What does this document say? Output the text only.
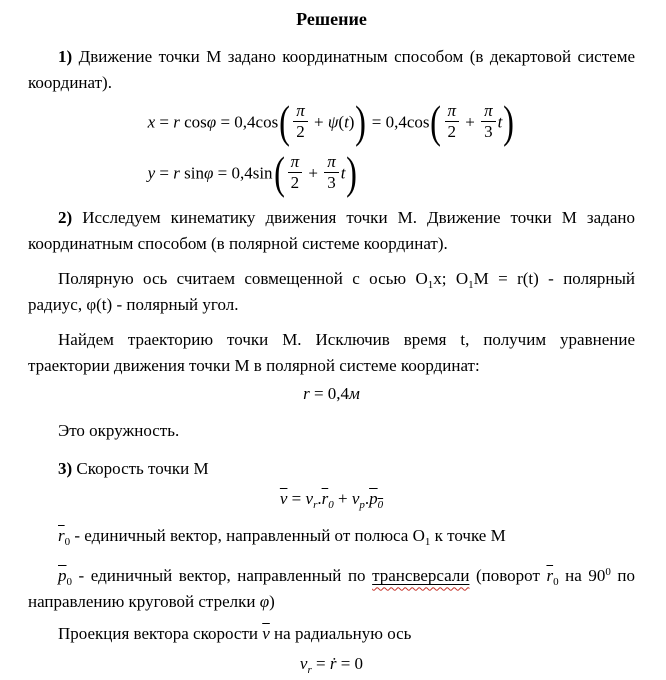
Решение

1) Движение точки М задано координатным способом (в декартовой системе координат).

x = r $\cos\varphi = 0,4\cos( \frac{\pi}{2} + \psi(t)) = 0,4\cos( \frac{\pi}{2} + \frac{\pi}{3} t)$
y = r $\sin\varphi = 0,4\sin( \frac{\pi}{2} + \frac{\pi}{3} t)$

2) Исследуем кинематику движения точки М. Движение точки М задано координатным способом (в полярной системе координат).

Полярную ось считаем совмещенной с осью $О_1x$; $О_1М = r(t)$ - полярный радиус, φ(t) - полярный угол.

Найдем траекторию точки М. Исключив время t, получим уравнение траектории движения точки М в полярной системе координат:

r = 0,4м

Это окружность.

3) Скорость точки М

$\overline{v} = v_r.\overline{r}_0 + v_p.p_0$

$\overline{r}_0$ - единичный вектор, направленный от полюса $О_1$ к точке М

$\overline{p}_0$ - единичный вектор, направленный по трансверсали (поворот $\overline{r}_0$ на $90^0$ по направлению круговой стрелки φ)

Проекция вектора скорости $\overline{v}$ на радиальную ось

$v_r$ = ṙ = 0
